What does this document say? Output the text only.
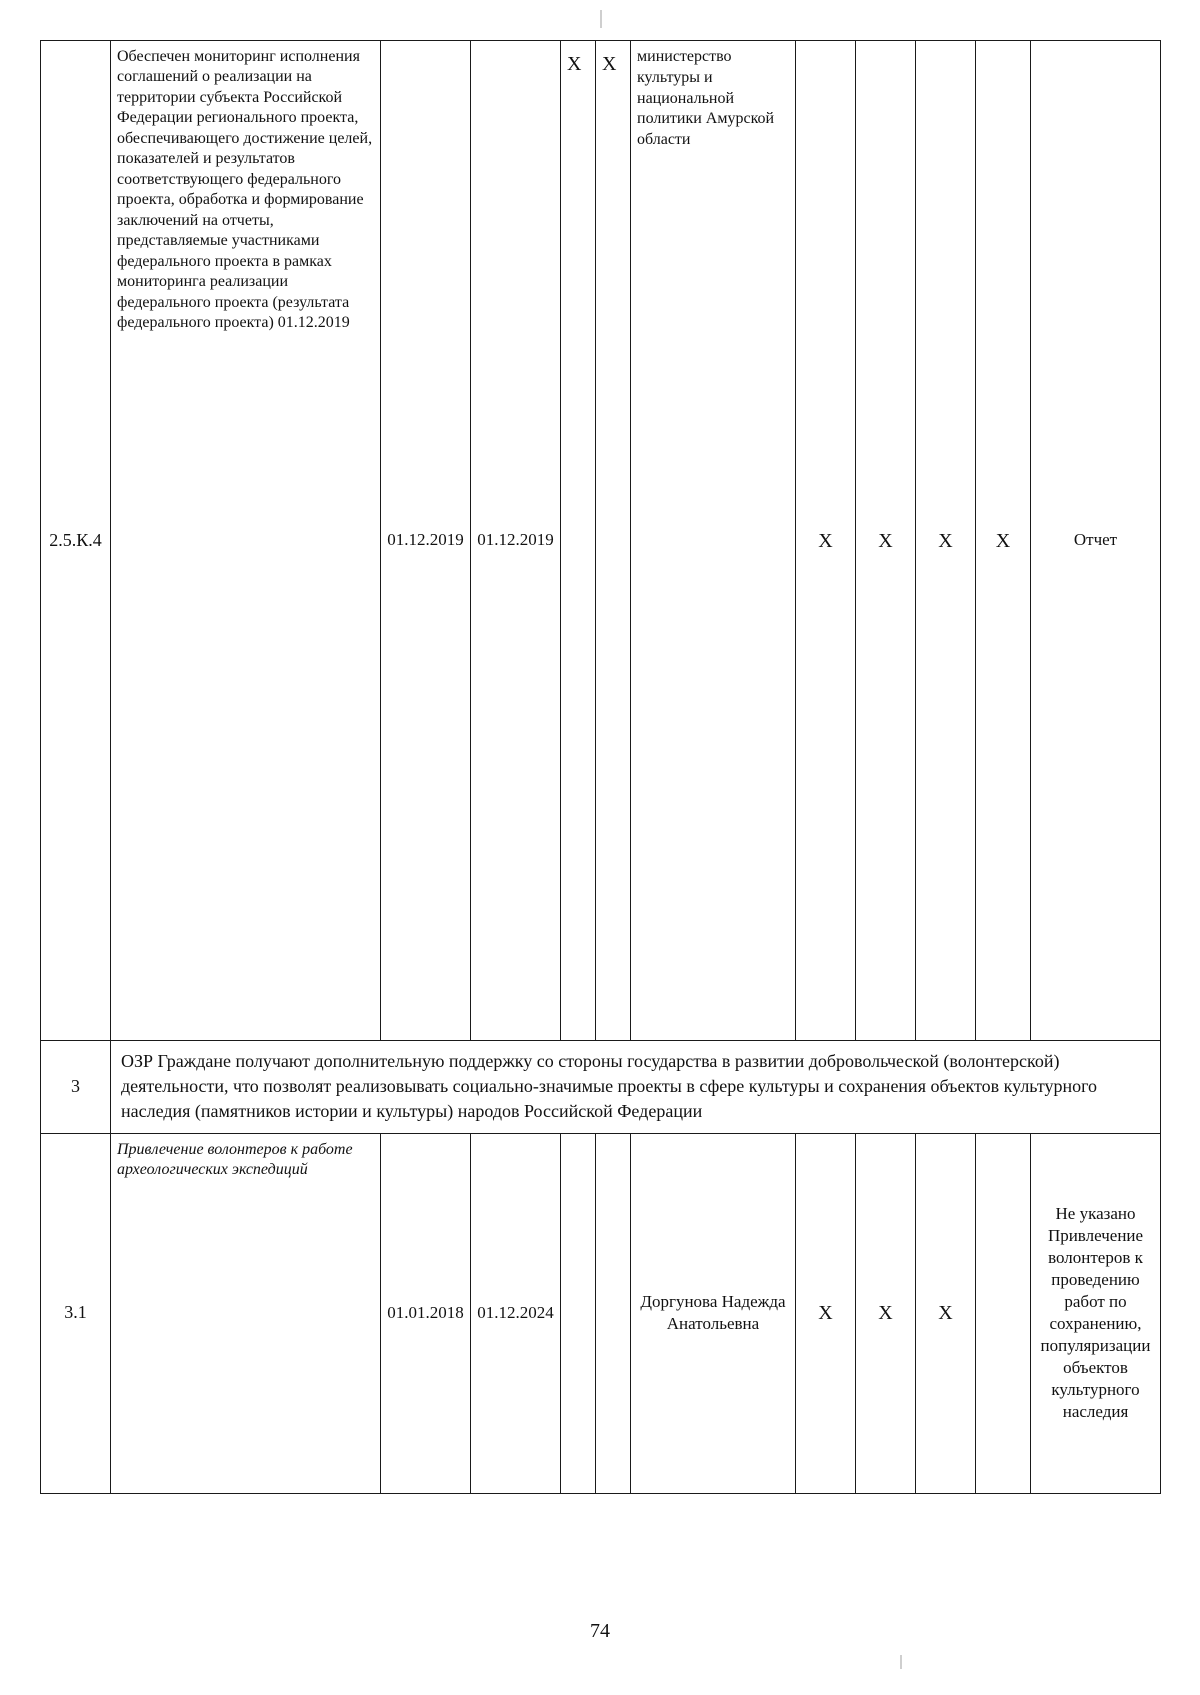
2.5.К.4	Обеспечен мониторинг исполнения соглашений о реализации на территории субъекта Российской Федерации регионального проекта, обеспечивающего достижение целей, показателей и результатов соответствующего федерального проекта, обработка и формирование заключений на отчеты, представляемые участниками федерального проекта в рамках мониторинга реализации федерального проекта (результата федерального проекта) 01.12.2019	01.12.2019	01.12.2019	X	X	министерство культуры и национальной политики Амурской области	X	X	X	X	Отчет
3	ОЗР Граждане получают дополнительную поддержку со стороны государства в развитии добровольческой (волонтерской) деятельности, что позволят реализовывать социально-значимые проекты в сфере культуры и сохранения объектов культурного наследия (памятников истории и культуры) народов Российской Федерации										
3.1	Привлечение волонтеров к работе археологических экспедиций	01.01.2018	01.12.2024			Доргунова Надежда Анатольевна	X	X	X		Не указано Привлечение волонтеров к проведению работ по сохранению, популяризации объектов культурного наследия
74
